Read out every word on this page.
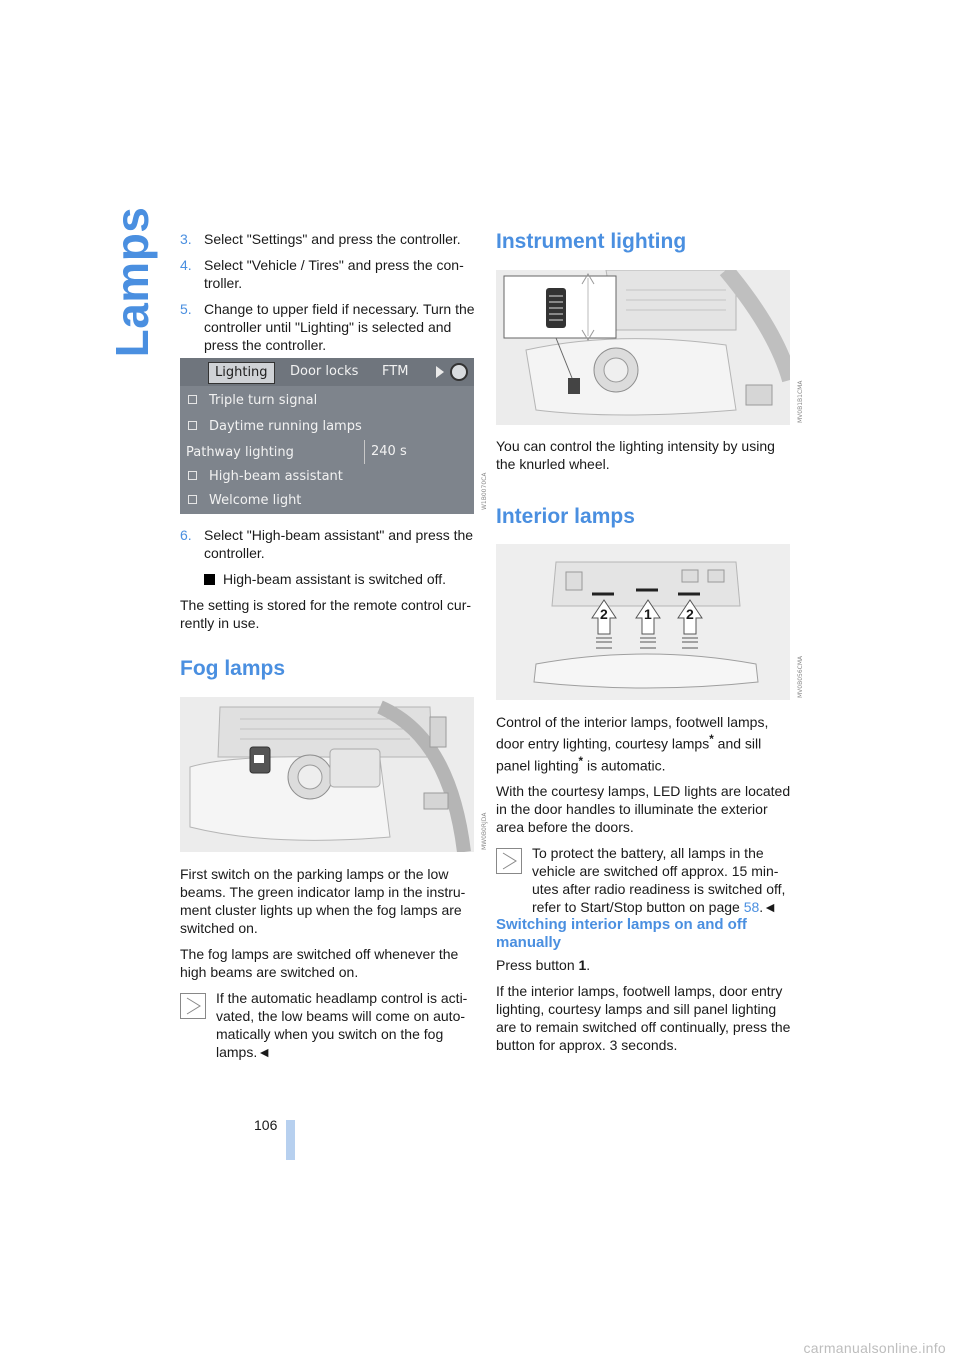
Lamps 3. Select "Settings" and press the controller.
4. Select "Vehicle / Tires" and press the con-troller.
5. Change to upper field if necessary. Turn the controller until "Lighting" is selected and press the controller.
Lighting	Door locks FTM
Triple turn signal
Daytime running lamps
Pathway lighting	240 s
High-beam assistant
Welcome light	W1B0070CA
6. Select "High-beam assistant" and press the controller.
High-beam assistant is switched off.

The setting is stored for the remote control cur-rently in use.

Fog lamps
MW0B0RJDA

First switch on the parking lamps or the low beams. The green indicator lamp in the instru-ment cluster lights up when the fog lamps are switched on.

The fog lamps are switched off whenever the high beams are switched on.

If the automatic headlamp control is acti-vated, the low beams will come on auto-matically when you switch on the fog lamps.◄
Instrument lighting
MV0B1B1CMA

You can control the lighting intensity by using the knurled wheel.

Interior lamps
2	1 2
MV0B056CMA

Control of the interior lamps, footwell lamps, door entry lighting, courtesy lamps* and sill panel lighting* is automatic.

With the courtesy lamps, LED lights are located in the door handles to illuminate the exterior area before the doors.

To protect the battery, all lamps in the vehicle are switched off approx. 15 min-utes after radio readiness is switched off, refer to Start/Stop button on page 58.◄
Switching interior lamps on and off manually

Press button 1.

If the interior lamps, footwell lamps, door entry lighting, courtesy lamps and sill panel lighting are to remain switched off continually, press the button for approx. 3 seconds.

106
carmanualsonline.info
